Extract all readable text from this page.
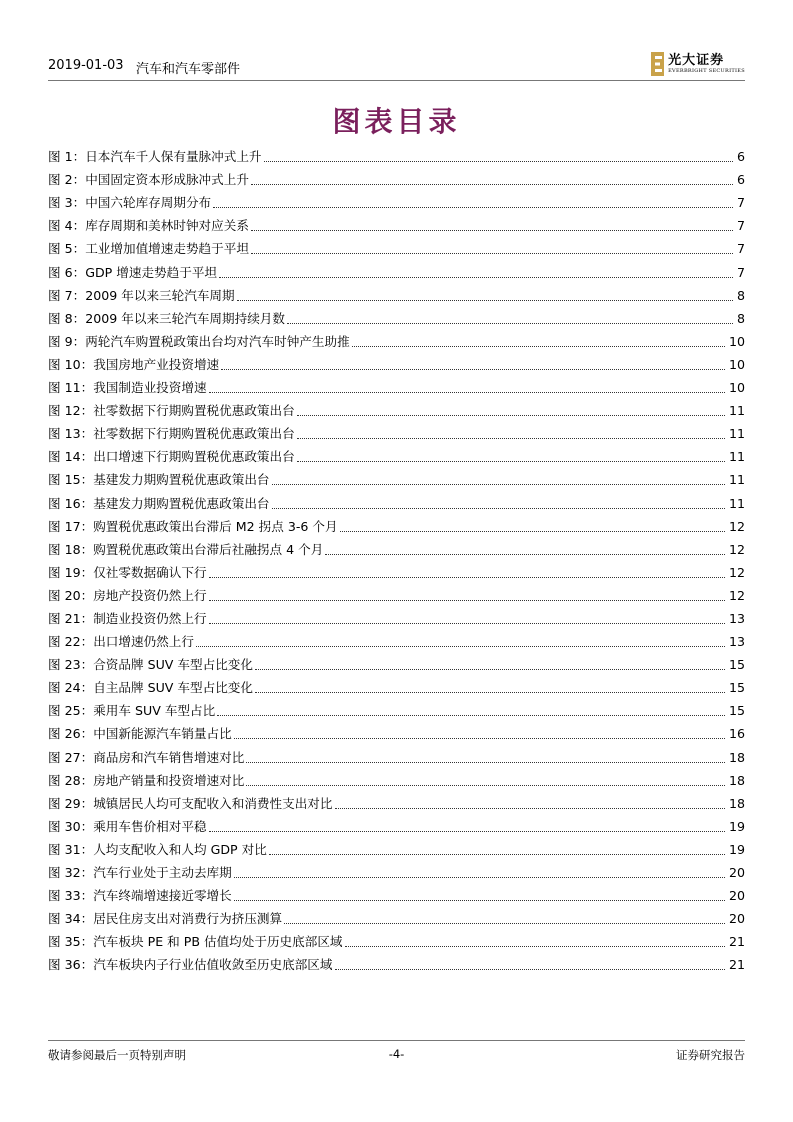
2019-01-03 汽车和汽车零部件
光大证券
EVERBRIGHT SECURITIES
图表目录
图 1：日本汽车千人保有量脉冲式上升	6
图 2：中国固定资本形成脉冲式上升	6
图 3：中国六轮库存周期分布	7
图 4：库存周期和美林时钟对应关系	7
图 5：工业增加值增速走势趋于平坦	7
图 6：GDP 增速走势趋于平坦	7
图 7：2009 年以来三轮汽车周期	8
图 8：2009 年以来三轮汽车周期持续月数	8
图 9：两轮汽车购置税政策出台均对汽车时钟产生助推	10
图 10：我国房地产业投资增速	10
图 11：我国制造业投资增速	10
图 12：社零数据下行期购置税优惠政策出台	11
图 13：社零数据下行期购置税优惠政策出台	11
图 14：出口增速下行期购置税优惠政策出台	11
图 15：基建发力期购置税优惠政策出台	11
图 16：基建发力期购置税优惠政策出台	11
图 17：购置税优惠政策出台滞后 M2 拐点 3-6 个月	12
图 18：购置税优惠政策出台滞后社融拐点 4 个月	12
图 19：仅社零数据确认下行	12
图 20：房地产投资仍然上行	12
图 21：制造业投资仍然上行	13
图 22：出口增速仍然上行	13
图 23：合资品牌 SUV 车型占比变化	15
图 24：自主品牌 SUV 车型占比变化	15
图 25：乘用车 SUV 车型占比	15
图 26：中国新能源汽车销量占比	16
图 27：商品房和汽车销售增速对比	18
图 28：房地产销量和投资增速对比	18
图 29：城镇居民人均可支配收入和消费性支出对比	18
图 30：乘用车售价相对平稳	19
图 31：人均支配收入和人均 GDP 对比	19
图 32：汽车行业处于主动去库期	20
图 33：汽车终端增速接近零增长	20
图 34：居民住房支出对消费行为挤压测算	20
图 35：汽车板块 PE 和 PB 估值均处于历史底部区域	21
图 36：汽车板块内子行业估值收敛至历史底部区域	21
敬请参阅最后一页特别声明	-4-	证券研究报告
